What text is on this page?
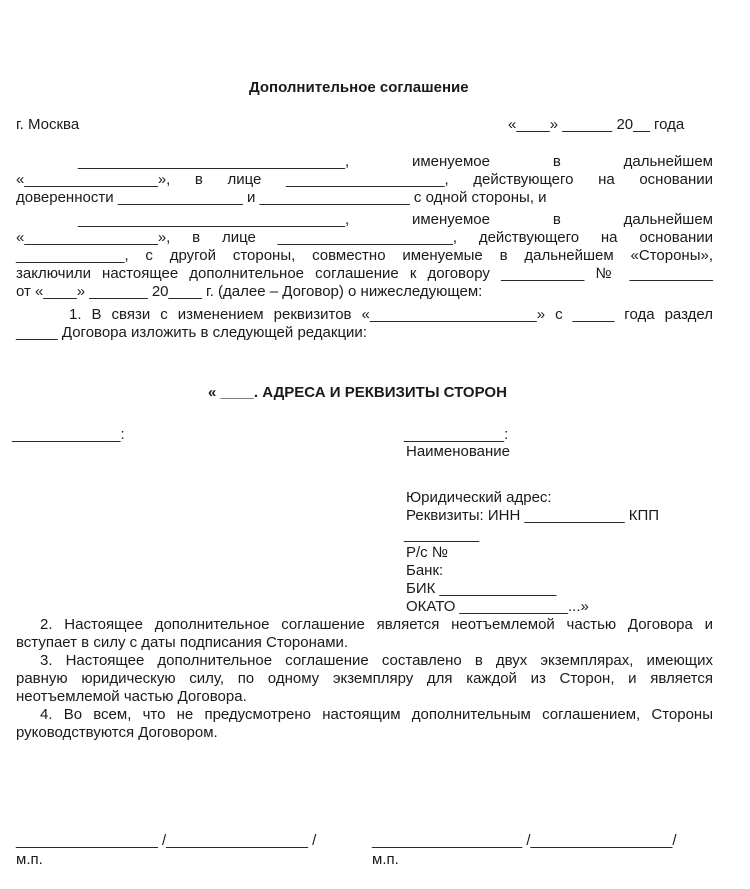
Дополнительное соглашение
г. Москва	«____» ______ 20__ года
________________________________, именуемое в дальнейшем
«________________», в лице ___________________, действующего на основании
доверенности _______________ и __________________ с одной стороны, и
________________________________, именуемое в дальнейшем
«________________», в лице _____________________, действующего на основании
_____________, с другой стороны, совместно именуемые в дальнейшем «Стороны»,
заключили настоящее дополнительное соглашение к договору __________ № __________
от «____» _______ 20____ г. (далее – Договор) о нижеследующем:
1. В связи с изменением реквизитов «____________________» с _____ года раздел
_____ Договора изложить в следующей редакции:
« ____. АДРЕСА И РЕКВИЗИТЫ СТОРОН
_____________:	____________:
Наименование
Юридический адрес:
Реквизиты: ИНН ____________ КПП
_________
Р/с №
Банк:
БИК ______________
ОКАТО _____________...»
2. Настоящее дополнительное соглашение является неотъемлемой частью Договора и
вступает в силу с даты подписания Сторонами.
3. Настоящее дополнительное соглашение составлено в двух экземплярах, имеющих
равную юридическую силу, по одному экземпляру для каждой из Сторон, и является
неотъемлемой частью Договора.
4. Во всем, что не предусмотрено настоящим дополнительным соглашением, Стороны
руководствуются Договором.
_________________ /_________________ /	__________________ /_________________/
м.п.	м.п.
